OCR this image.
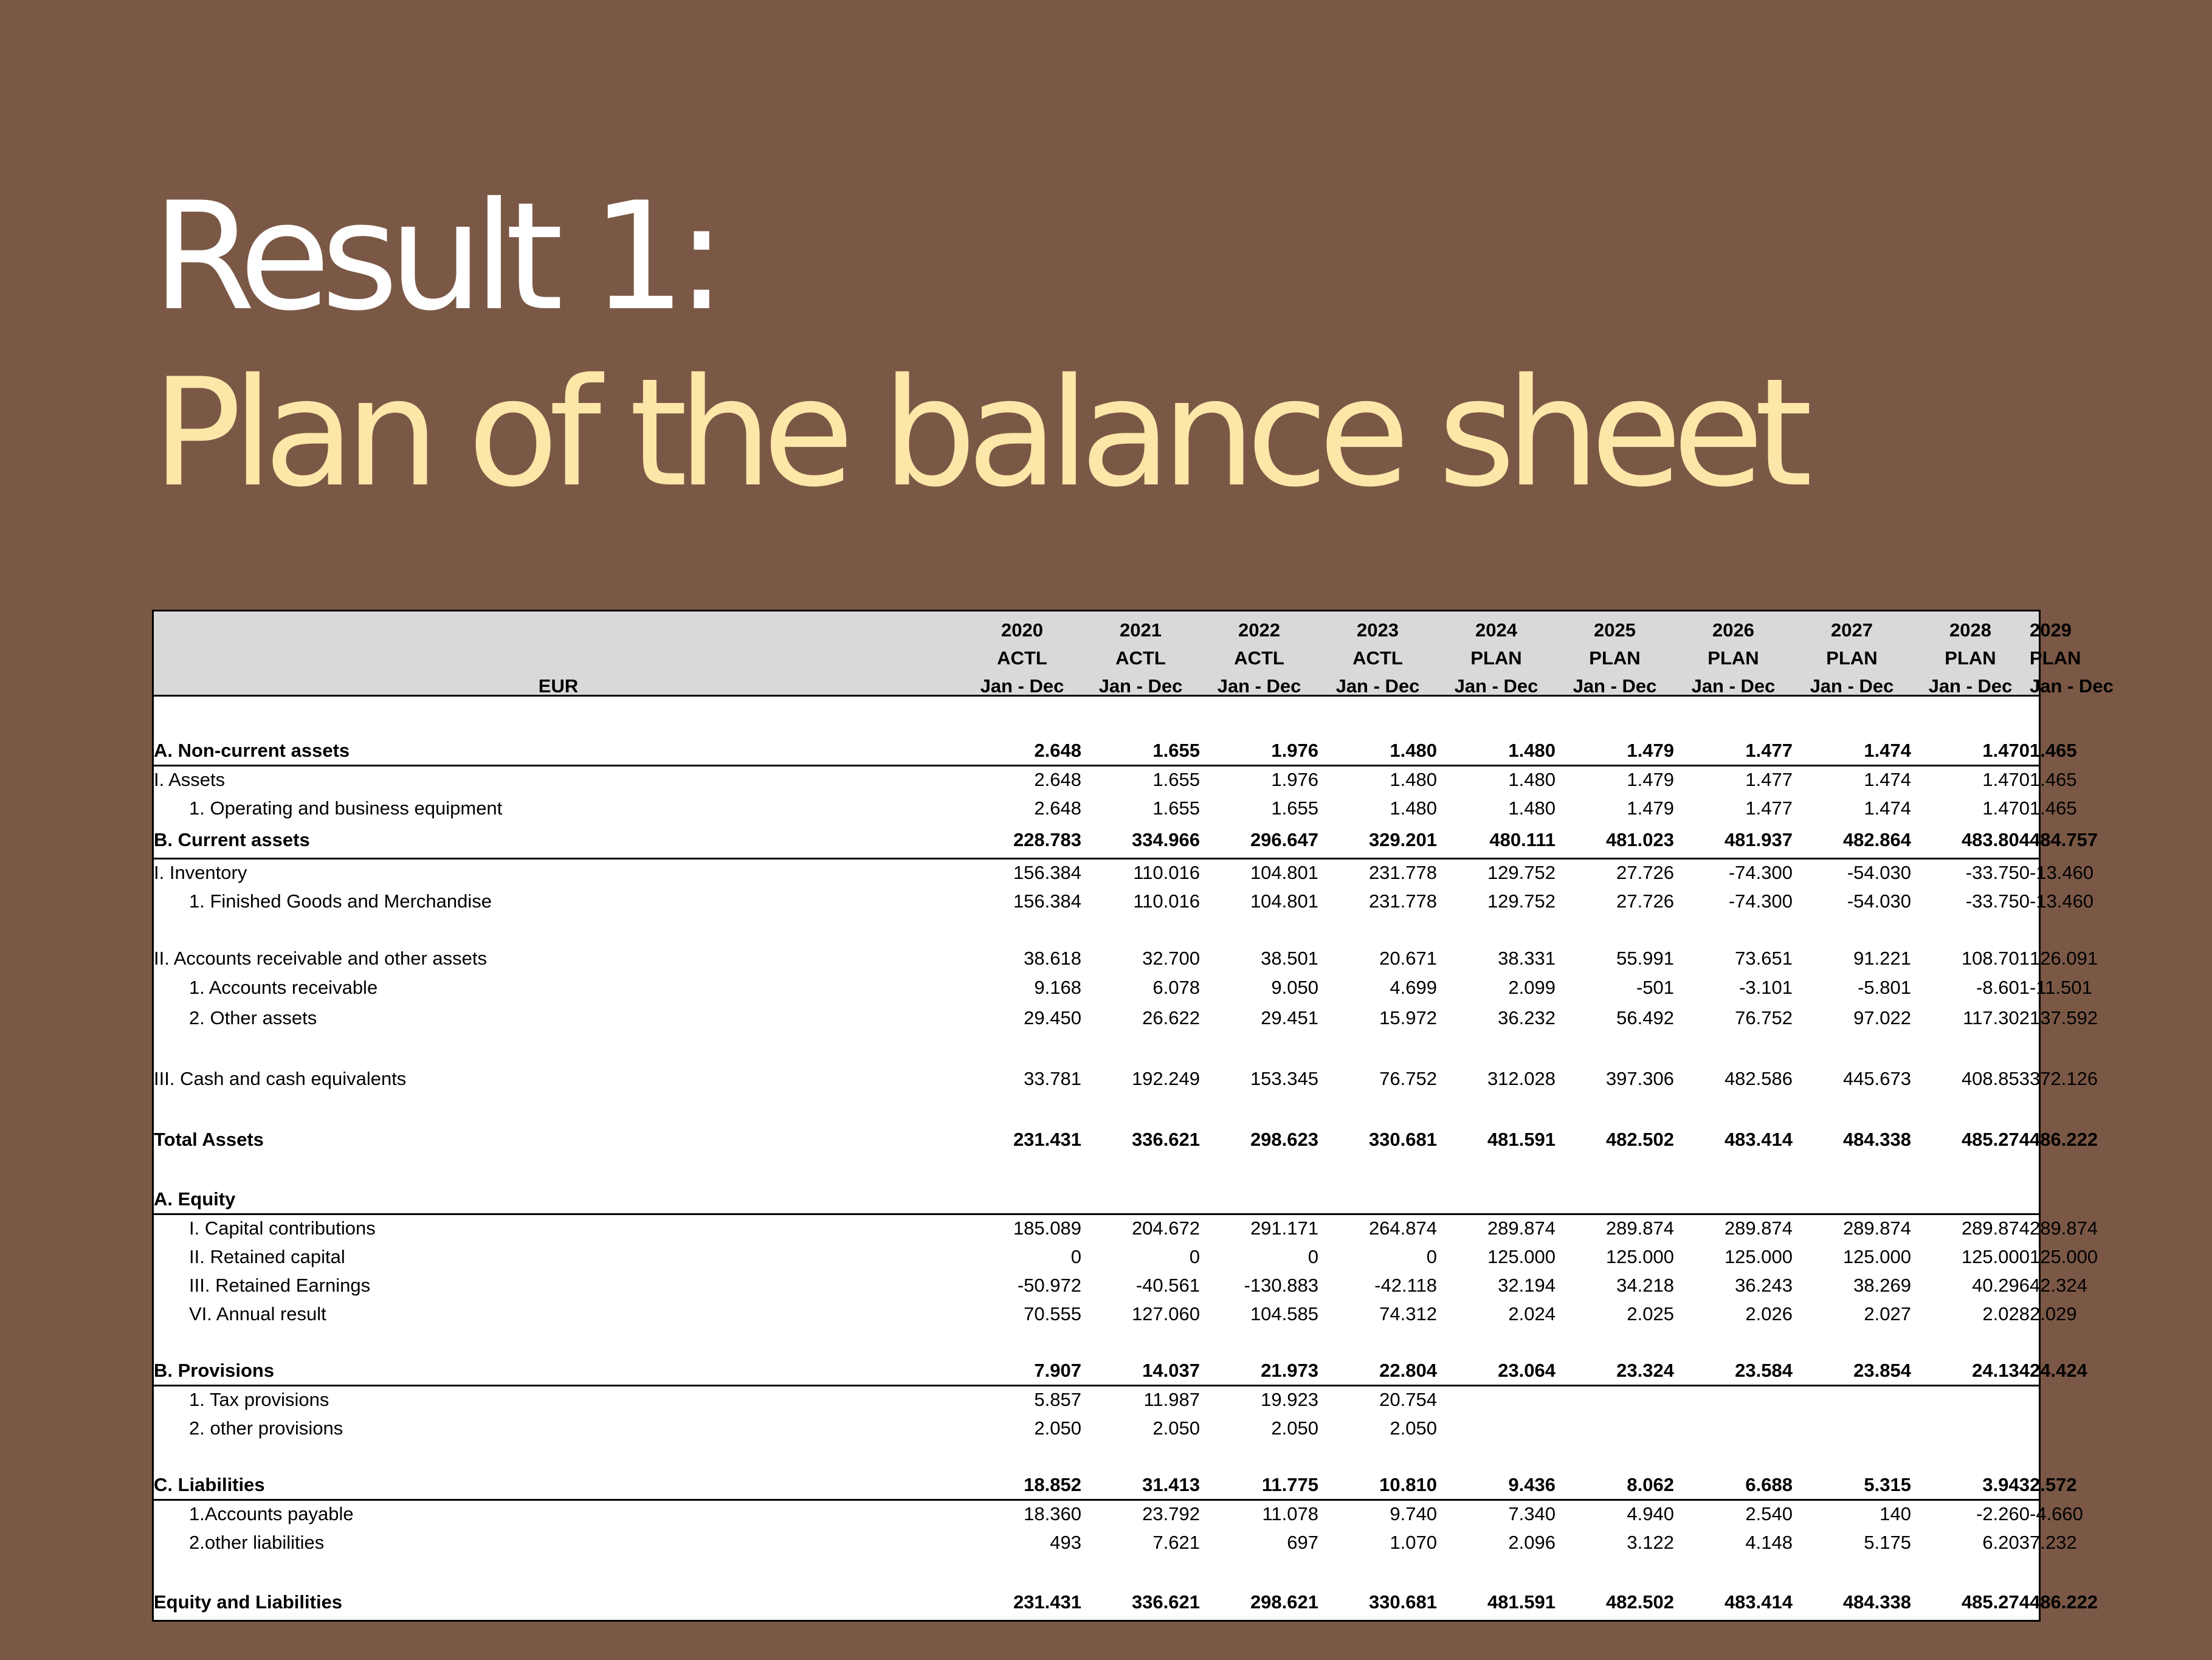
Result 1:
Plan of the balance sheet
	2020	2021	2022	2023	2024	2025	2026	2027	2028	2029
	ACTL	ACTL	ACTL	ACTL	PLAN	PLAN	PLAN	PLAN	PLAN	PLAN
EUR	Jan - Dec	Jan - Dec	Jan - Dec	Jan - Dec	Jan - Dec	Jan - Dec	Jan - Dec	Jan - Dec	Jan - Dec	Jan - Dec

A. Non-current assets	2.648	1.655	1.976	1.480	1.480	1.479	1.477	1.474	1.470	1.465
I. Assets	2.648	1.655	1.976	1.480	1.480	1.479	1.477	1.474	1.470	1.465
1. Operating and business equipment	2.648	1.655	1.655	1.480	1.480	1.479	1.477	1.474	1.470	1.465
B. Current assets	228.783	334.966	296.647	329.201	480.111	481.023	481.937	482.864	483.804	484.757
I. Inventory	156.384	110.016	104.801	231.778	129.752	27.726	-74.300	-54.030	-33.750	-13.460
1. Finished Goods and Merchandise	156.384	110.016	104.801	231.778	129.752	27.726	-74.300	-54.030	-33.750	-13.460

II. Accounts receivable and other assets	38.618	32.700	38.501	20.671	38.331	55.991	73.651	91.221	108.701	126.091
1. Accounts receivable	9.168	6.078	9.050	4.699	2.099	-501	-3.101	-5.801	-8.601	-11.501
2. Other assets	29.450	26.622	29.451	15.972	36.232	56.492	76.752	97.022	117.302	137.592

III. Cash and cash equivalents	33.781	192.249	153.345	76.752	312.028	397.306	482.586	445.673	408.853	372.126

Total Assets	231.431	336.621	298.623	330.681	481.591	482.502	483.414	484.338	485.274	486.222

A. Equity										
I. Capital contributions	185.089	204.672	291.171	264.874	289.874	289.874	289.874	289.874	289.874	289.874
II. Retained capital	0	0	0	0	125.000	125.000	125.000	125.000	125.000	125.000
III. Retained Earnings	-50.972	-40.561	-130.883	-42.118	32.194	34.218	36.243	38.269	40.296	42.324
VI. Annual result	70.555	127.060	104.585	74.312	2.024	2.025	2.026	2.027	2.028	2.029

B. Provisions	7.907	14.037	21.973	22.804	23.064	23.324	23.584	23.854	24.134	24.424
1. Tax provisions	5.857	11.987	19.923	20.754						
2. other provisions	2.050	2.050	2.050	2.050						

C. Liabilities	18.852	31.413	11.775	10.810	9.436	8.062	6.688	5.315	3.943	2.572
1.Accounts payable	18.360	23.792	11.078	9.740	7.340	4.940	2.540	140	-2.260	-4.660
2.other liabilities	493	7.621	697	1.070	2.096	3.122	4.148	5.175	6.203	7.232

Equity and Liabilities	231.431	336.621	298.621	330.681	481.591	482.502	483.414	484.338	485.274	486.222
